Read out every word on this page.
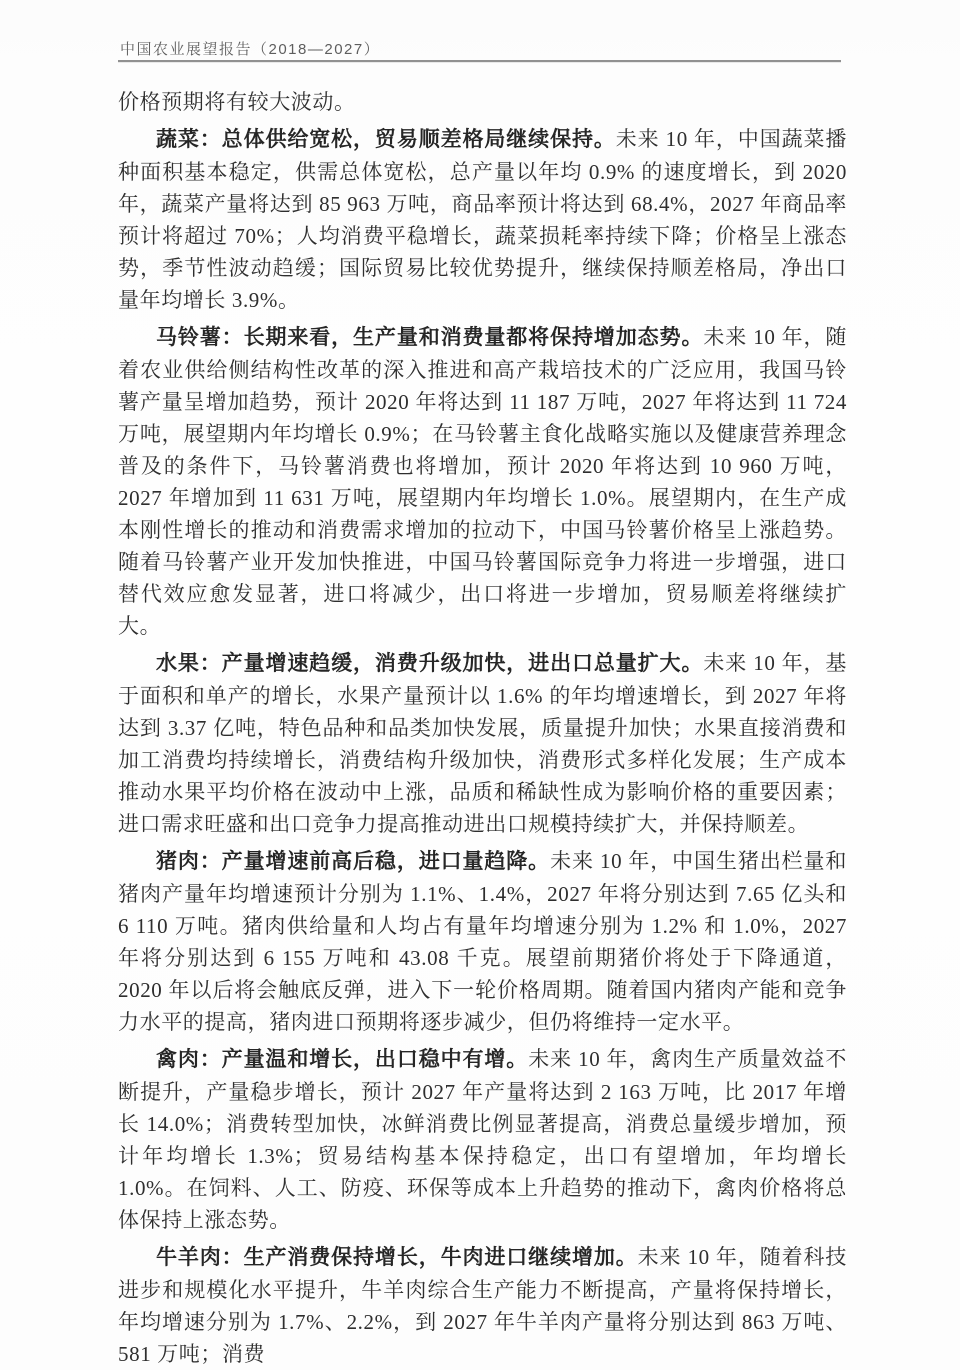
中国农业展望报告（2018—2027）

价格预期将有较大波动。

蔬菜：总体供给宽松，贸易顺差格局继续保持。未来 10 年，中国蔬菜播种面积基本稳定，供需总体宽松，总产量以年均 0.9% 的速度增长，到 2020 年，蔬菜产量将达到 85 963 万吨，商品率预计将达到 68.4%，2027 年商品率预计将超过 70%；人均消费平稳增长，蔬菜损耗率持续下降；价格呈上涨态势，季节性波动趋缓；国际贸易比较优势提升，继续保持顺差格局，净出口量年均增长 3.9%。

马铃薯：长期来看，生产量和消费量都将保持增加态势。未来 10 年，随着农业供给侧结构性改革的深入推进和高产栽培技术的广泛应用，我国马铃薯产量呈增加趋势，预计 2020 年将达到 11 187 万吨，2027 年将达到 11 724 万吨，展望期内年均增长 0.9%；在马铃薯主食化战略实施以及健康营养理念普及的条件下，马铃薯消费也将增加，预计 2020 年将达到 10 960 万吨，2027 年增加到 11 631 万吨，展望期内年均增长 1.0%。展望期内，在生产成本刚性增长的推动和消费需求增加的拉动下，中国马铃薯价格呈上涨趋势。随着马铃薯产业开发加快推进，中国马铃薯国际竞争力将进一步增强，进口替代效应愈发显著，进口将减少，出口将进一步增加，贸易顺差将继续扩大。

水果：产量增速趋缓，消费升级加快，进出口总量扩大。未来 10 年，基于面积和单产的增长，水果产量预计以 1.6% 的年均增速增长，到 2027 年将达到 3.37 亿吨，特色品种和品类加快发展，质量提升加快；水果直接消费和加工消费均持续增长，消费结构升级加快，消费形式多样化发展；生产成本推动水果平均价格在波动中上涨，品质和稀缺性成为影响价格的重要因素；进口需求旺盛和出口竞争力提高推动进出口规模持续扩大，并保持顺差。

猪肉：产量增速前高后稳，进口量趋降。未来 10 年，中国生猪出栏量和猪肉产量年均增速预计分别为 1.1%、1.4%，2027 年将分别达到 7.65 亿头和 6 110 万吨。猪肉供给量和人均占有量年均增速分别为 1.2% 和 1.0%，2027 年将分别达到 6 155 万吨和 43.08 千克。展望前期猪价将处于下降通道，2020 年以后将会触底反弹，进入下一轮价格周期。随着国内猪肉产能和竞争力水平的提高，猪肉进口预期将逐步减少，但仍将维持一定水平。

禽肉：产量温和增长，出口稳中有增。未来 10 年，禽肉生产质量效益不断提升，产量稳步增长，预计 2027 年产量将达到 2 163 万吨，比 2017 年增长 14.0%；消费转型加快，冰鲜消费比例显著提高，消费总量缓步增加，预计年均增长 1.3%；贸易结构基本保持稳定，出口有望增加，年均增长 1.0%。在饲料、人工、防疫、环保等成本上升趋势的推动下，禽肉价格将总体保持上涨态势。

牛羊肉：生产消费保持增长，牛肉进口继续增加。未来 10 年，随着科技进步和规模化水平提升，牛羊肉综合生产能力不断提高，产量将保持增长，年均增速分别为 1.7%、2.2%，到 2027 年牛羊肉产量将分别达到 863 万吨、581 万吨；消费
